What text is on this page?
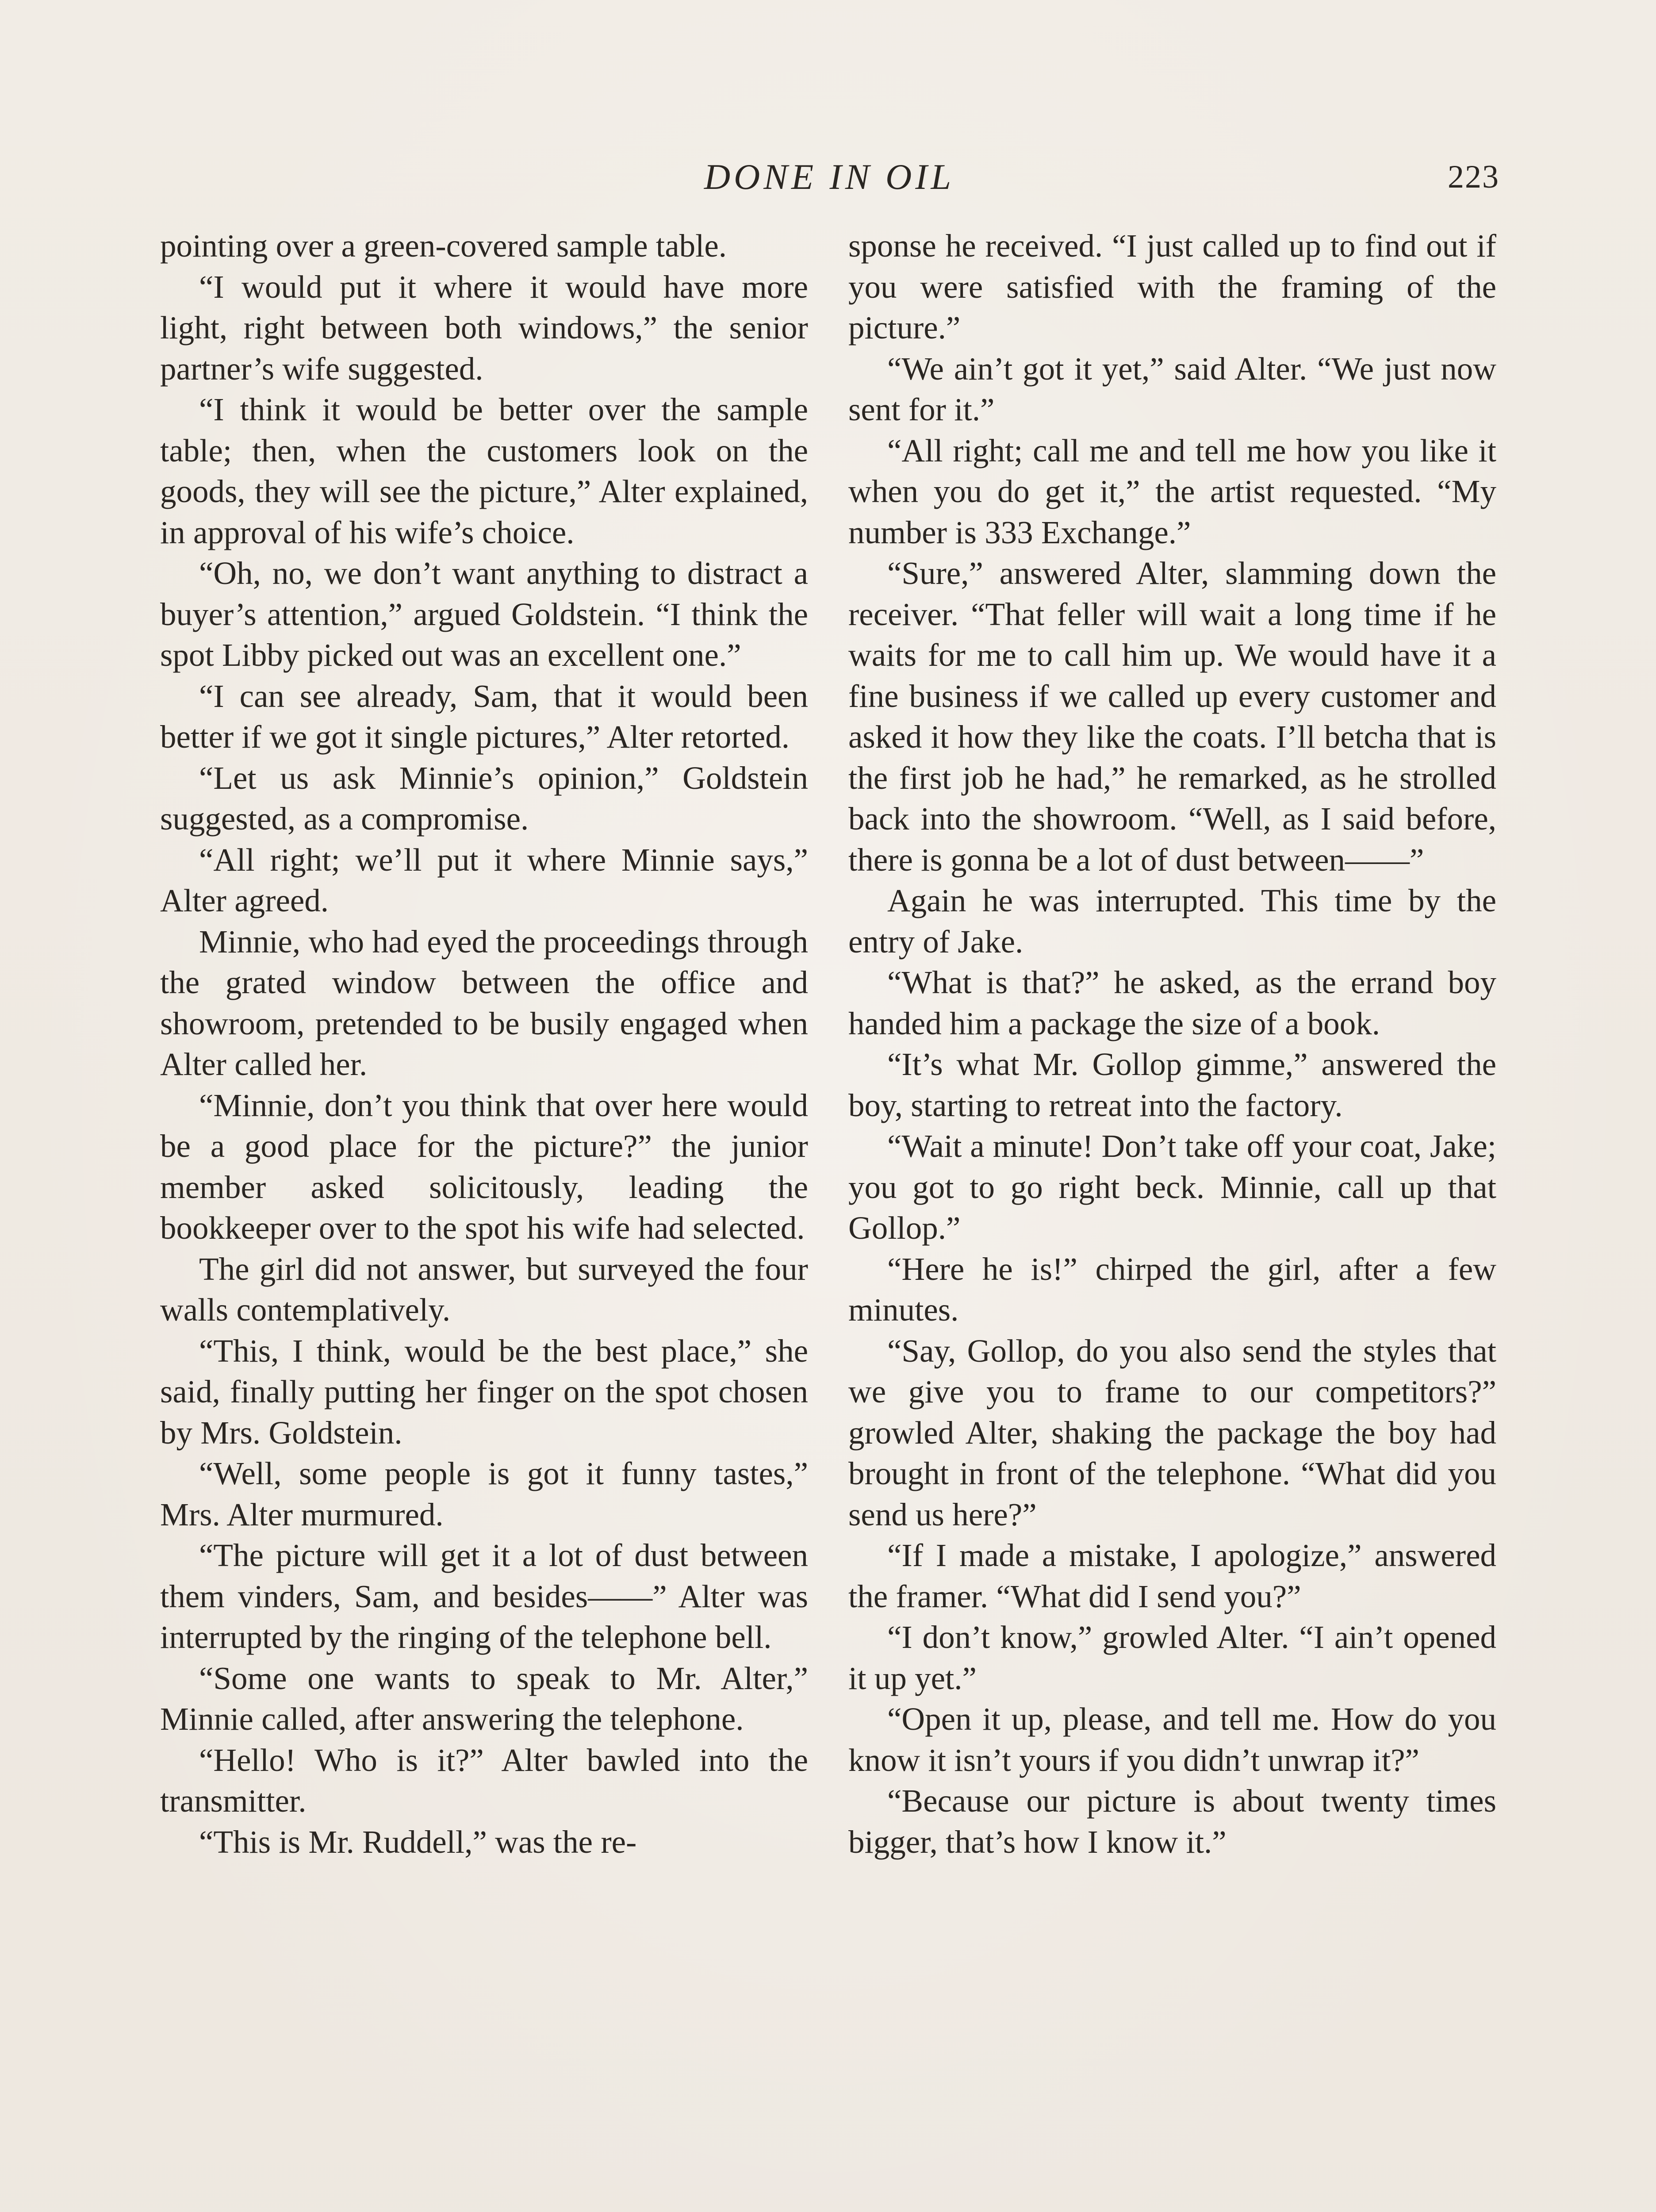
DONE IN OIL	223

pointing over a green-covered sample table.

“I would put it where it would have more light, right between both windows,” the senior partner’s wife suggested.

“I think it would be better over the sample table; then, when the customers look on the goods, they will see the picture,” Alter explained, in approval of his wife’s choice.

“Oh, no, we don’t want anything to distract a buyer’s attention,” argued Goldstein. “I think the spot Libby picked out was an excellent one.”

“I can see already, Sam, that it would been better if we got it single pictures,” Alter retorted.

“Let us ask Minnie’s opinion,” Goldstein suggested, as a compromise.

“All right; we’ll put it where Minnie says,” Alter agreed.

Minnie, who had eyed the proceedings through the grated window between the office and showroom, pretended to be busily engaged when Alter called her.

“Minnie, don’t you think that over here would be a good place for the picture?” the junior member asked solicitously, leading the bookkeeper over to the spot his wife had selected.

The girl did not answer, but surveyed the four walls contemplatively.

“This, I think, would be the best place,” she said, finally putting her finger on the spot chosen by Mrs. Goldstein.

“Well, some people is got it funny tastes,” Mrs. Alter murmured.

“The picture will get it a lot of dust between them vinders, Sam, and besides——” Alter was interrupted by the ringing of the telephone bell.

“Some one wants to speak to Mr. Alter,” Minnie called, after answering the telephone.

“Hello! Who is it?” Alter bawled into the transmitter.

“This is Mr. Ruddell,” was the re-

sponse he received. “I just called up to find out if you were satisfied with the framing of the picture.”

“We ain’t got it yet,” said Alter. “We just now sent for it.”

“All right; call me and tell me how you like it when you do get it,” the artist requested. “My number is 333 Exchange.”

“Sure,” answered Alter, slamming down the receiver. “That feller will wait a long time if he waits for me to call him up. We would have it a fine business if we called up every customer and asked it how they like the coats. I’ll betcha that is the first job he had,” he remarked, as he strolled back into the showroom. “Well, as I said before, there is gonna be a lot of dust between——”

Again he was interrupted. This time by the entry of Jake.

“What is that?” he asked, as the errand boy handed him a package the size of a book.

“It’s what Mr. Gollop gimme,” answered the boy, starting to retreat into the factory.

“Wait a minute! Don’t take off your coat, Jake; you got to go right beck. Minnie, call up that Gollop.”

“Here he is!” chirped the girl, after a few minutes.

“Say, Gollop, do you also send the styles that we give you to frame to our competitors?” growled Alter, shaking the package the boy had brought in front of the telephone. “What did you send us here?”

“If I made a mistake, I apologize,” answered the framer. “What did I send you?”

“I don’t know,” growled Alter. “I ain’t opened it up yet.”

“Open it up, please, and tell me. How do you know it isn’t yours if you didn’t unwrap it?”

“Because our picture is about twenty times bigger, that’s how I know it.”
